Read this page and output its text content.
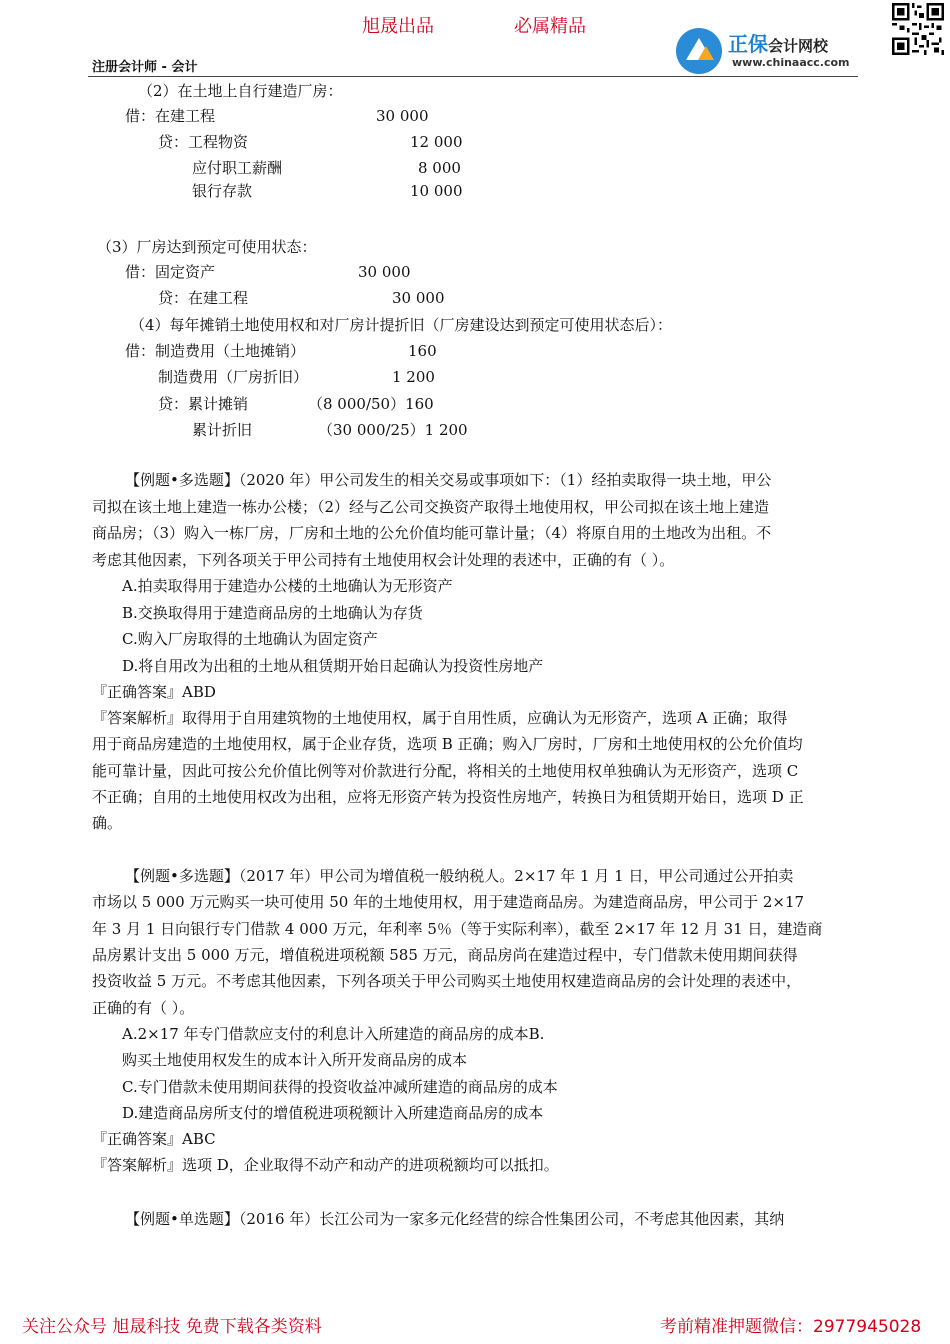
旭晟出品	必属精品
注册会计师 - 会计
正保会计网校
www.chinaacc.com
（2）在土地上自行建造厂房：
借：在建工程	30 000
贷：工程物资	12 000
应付职工薪酬	8 000
银行存款	10 000
（3）厂房达到预定可使用状态：
借：固定资产	30 000
贷：在建工程	30 000
（4）每年摊销土地使用权和对厂房计提折旧（厂房建设达到预定可使用状态后）：
借：制造费用（土地摊销）	160
制造费用（厂房折旧）	1 200
贷：累计摊销	（8 000/50）160
累计折旧	（30 000/25）1 200
【例题•多选题】（2020 年）甲公司发生的相关交易或事项如下：（1）经拍卖取得一块土地，甲公
司拟在该土地上建造一栋办公楼；（2）经与乙公司交换资产取得土地使用权，甲公司拟在该土地上建造
商品房；（3）购入一栋厂房，厂房和土地的公允价值均能可靠计量；（4）将原自用的土地改为出租。不
考虑其他因素，下列各项关于甲公司持有土地使用权会计处理的表述中，正确的有（ ）。
A.拍卖取得用于建造办公楼的土地确认为无形资产
B.交换取得用于建造商品房的土地确认为存货
C.购入厂房取得的土地确认为固定资产
D.将自用改为出租的土地从租赁期开始日起确认为投资性房地产
『正确答案』ABD
『答案解析』取得用于自用建筑物的土地使用权，属于自用性质，应确认为无形资产，选项 A 正确；取得
用于商品房建造的土地使用权，属于企业存货，选项 B 正确；购入厂房时，厂房和土地使用权的公允价值均
能可靠计量，因此可按公允价值比例等对价款进行分配，将相关的土地使用权单独确认为无形资产，选项 C
不正确；自用的土地使用权改为出租，应将无形资产转为投资性房地产，转换日为租赁期开始日，选项 D 正
确。
【例题•多选题】（2017 年）甲公司为增值税一般纳税人。2×17 年 1 月 1 日，甲公司通过公开拍卖
市场以 5 000 万元购买一块可使用 50 年的土地使用权，用于建造商品房。为建造商品房，甲公司于 2×17
年 3 月 1 日向银行专门借款 4 000 万元，年利率 5％（等于实际利率），截至 2×17 年 12 月 31 日，建造商
品房累计支出 5 000 万元，增值税进项税额 585 万元，商品房尚在建造过程中，专门借款未使用期间获得
投资收益 5 万元。不考虑其他因素，下列各项关于甲公司购买土地使用权建造商品房的会计处理的表述中，
正确的有（ ）。
A.2×17 年专门借款应支付的利息计入所建造的商品房的成本B.
购买土地使用权发生的成本计入所开发商品房的成本
C.专门借款未使用期间获得的投资收益冲减所建造的商品房的成本
D.建造商品房所支付的增值税进项税额计入所建造商品房的成本
『正确答案』ABC
『答案解析』选项 D，企业取得不动产和动产的进项税额均可以抵扣。
【例题•单选题】（2016 年）长江公司为一家多元化经营的综合性集团公司，不考虑其他因素，其纳
关注公众号 旭晟科技 免费下载各类资料	考前精准押题微信：2977945028
